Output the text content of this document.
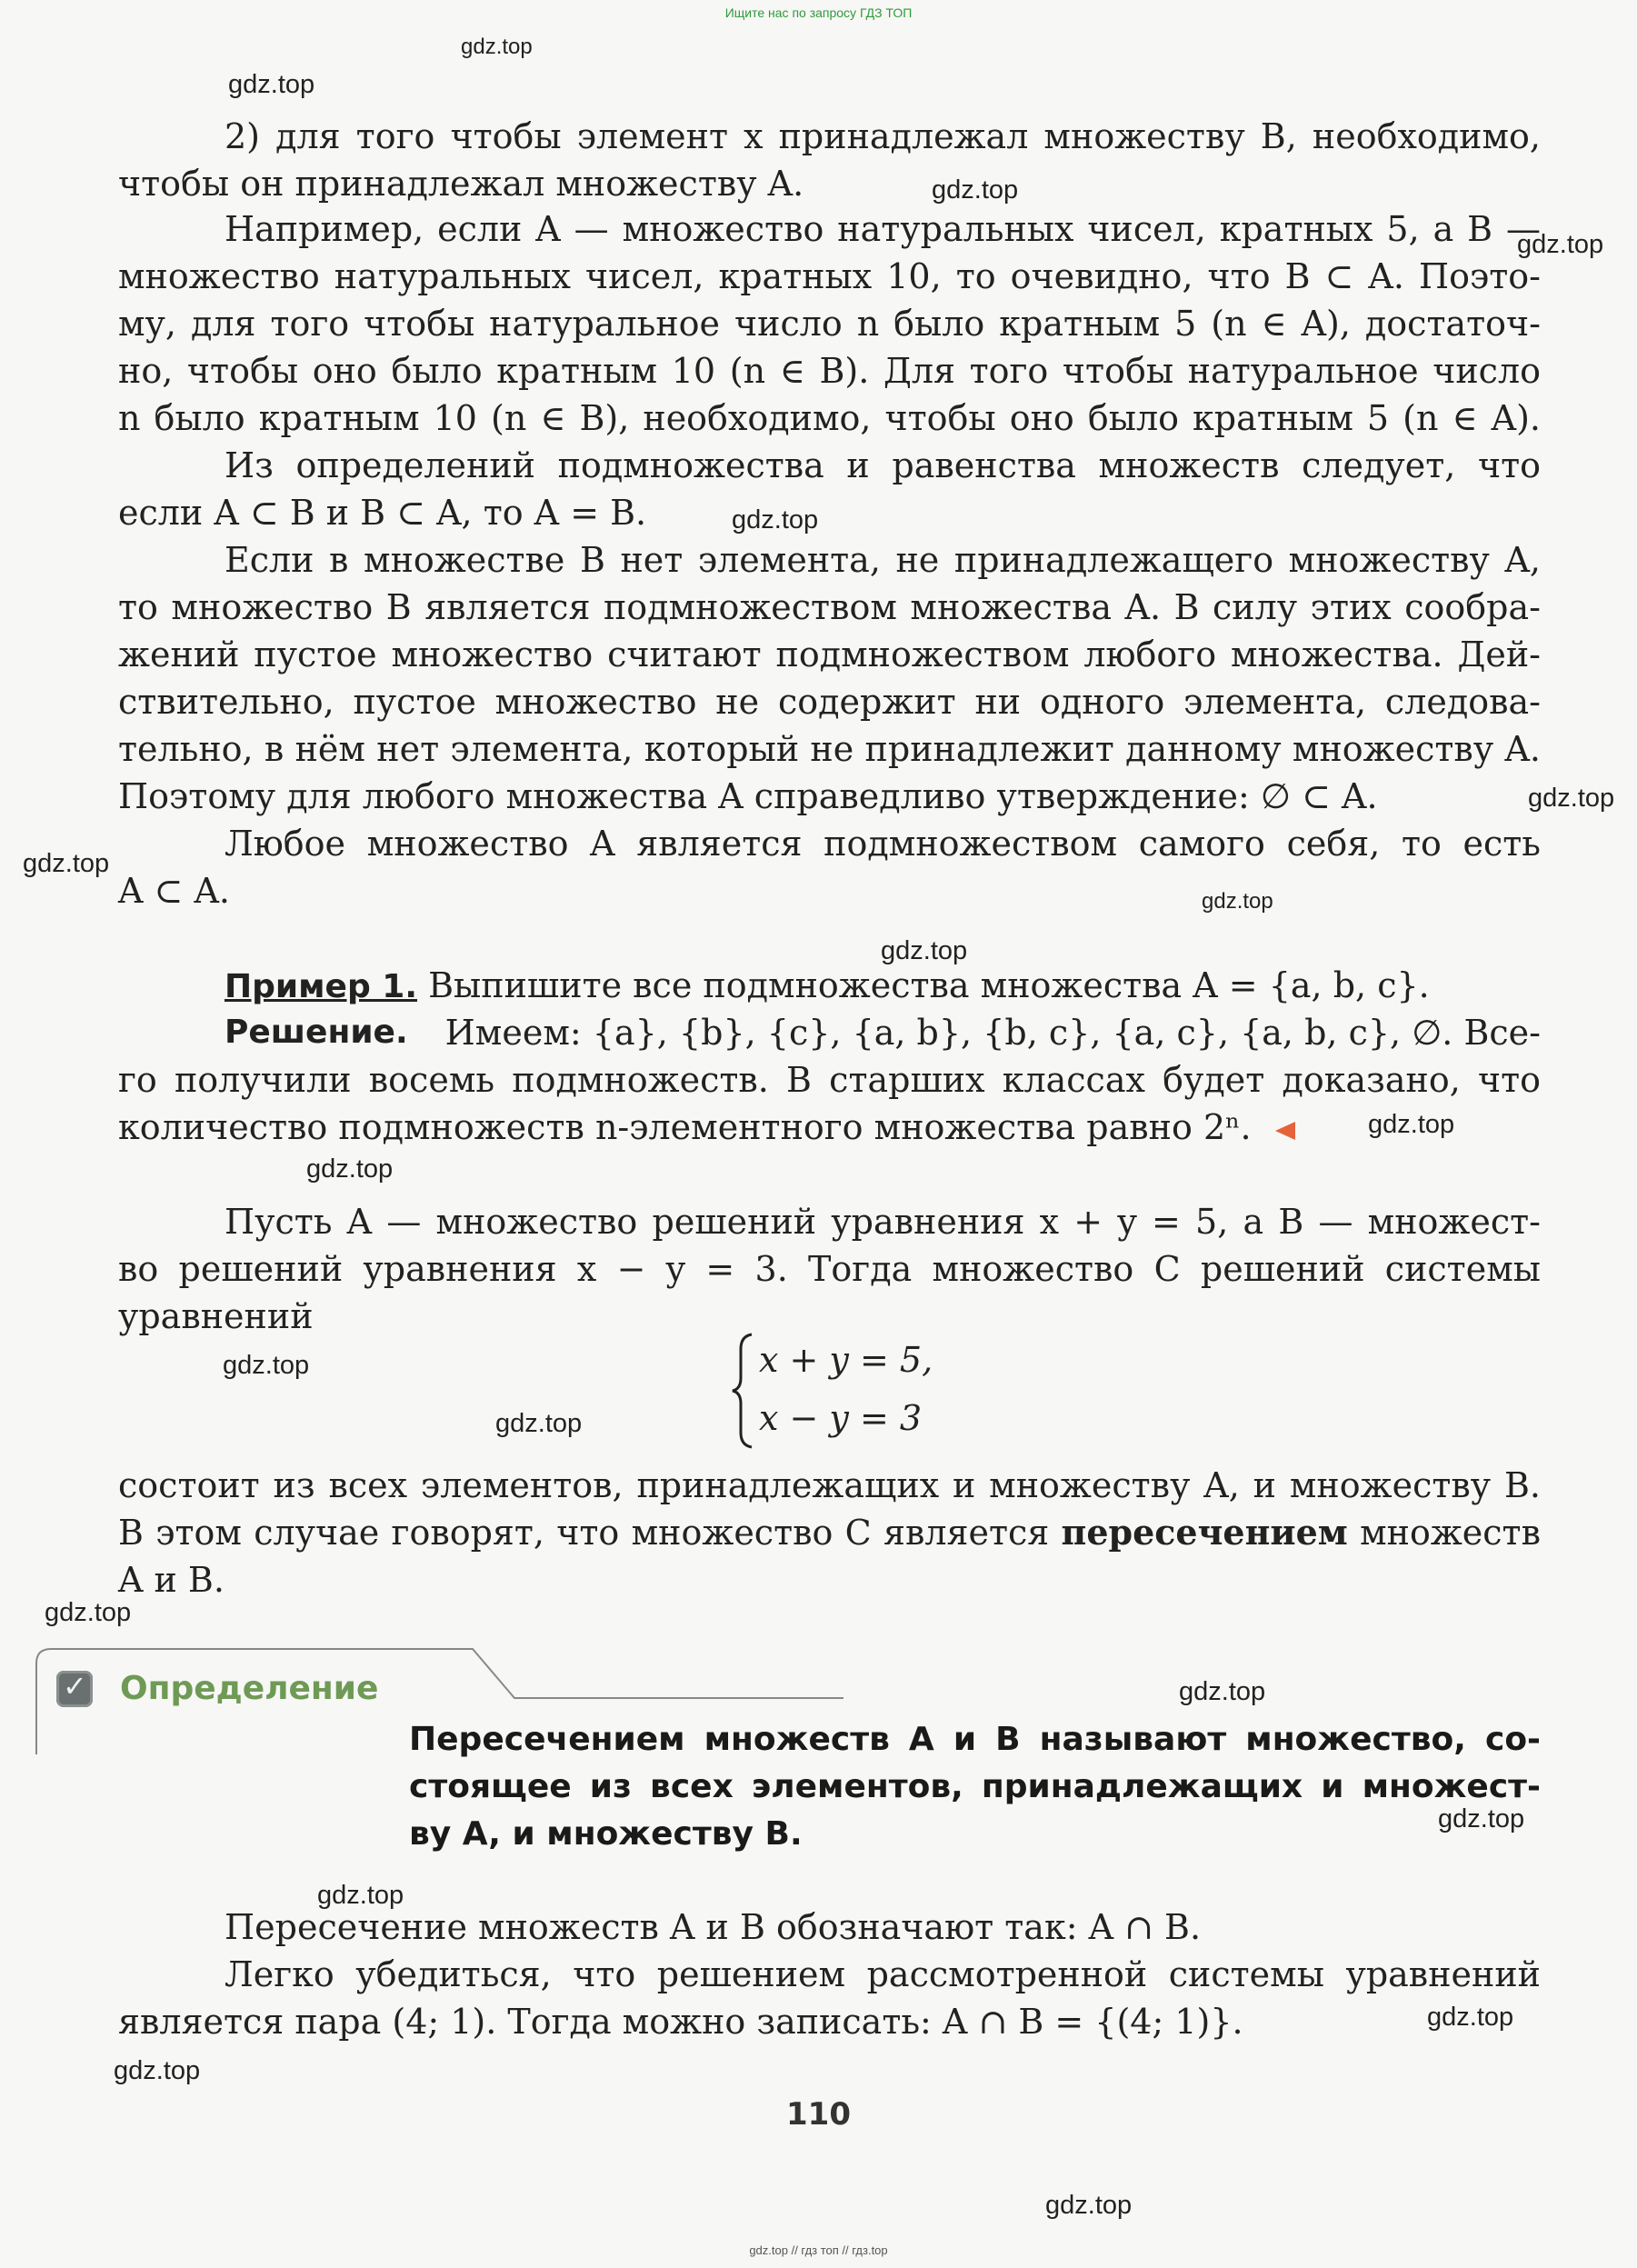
Ищите нас по запросу ГДЗ ТОП
gdz.top
gdz.top
gdz.top
gdz.top
gdz.top
gdz.top
gdz.top
gdz.top
gdz.top
gdz.top
gdz.top
gdz.top
gdz.top
gdz.top
gdz.top
gdz.top
gdz.top
gdz.top
gdz.top
gdz.top
2) для того чтобы элемент x принадлежал множеству B, необходимо,
чтобы он принадлежал множеству A.
Например, если A — множество натуральных чисел, кратных 5, а B —
множество натуральных чисел, кратных 10, то очевидно, что B ⊂ A. Поэто-
му, для того чтобы натуральное число n было кратным 5 (n ∈ A), достаточ-
но, чтобы оно было кратным 10 (n ∈ B). Для того чтобы натуральное число
n было кратным 10 (n ∈ B), необходимо, чтобы оно было кратным 5 (n ∈ A).
Из определений подмножества и равенства множеств следует, что
если A ⊂ B и B ⊂ A, то A = B.
Если в множестве B нет элемента, не принадлежащего множеству A,
то множество B является подмножеством множества A. В силу этих сообра-
жений пустое множество считают подмножеством любого множества. Дей-
ствительно, пустое множество не содержит ни одного элемента, следова-
тельно, в нём нет элемента, который не принадлежит данному множеству A.
Поэтому для любого множества A справедливо утверждение: ∅ ⊂ A.
Любое множество A является подмножеством самого себя, то есть
A ⊂ A.
Пример 1. Выпишите все подмножества множества A = {a, b, c}.
Решение. Имеем: {a}, {b}, {c}, {a, b}, {b, c}, {a, c}, {a, b, c}, ∅. Все-
го получили восемь подмножеств. В старших классах будет доказано, что
количество подмножеств n-элементного множества равно 2ⁿ.
Пусть A — множество решений уравнения x + y = 5, а B — множест-
во решений уравнения x − y = 3. Тогда множество C решений системы
уравнений
x + y = 5,
x − y = 3
состоит из всех элементов, принадлежащих и множеству A, и множеству B.
В этом случае говорят, что множество C является пересечением множеств
A и B.
✓
Определение
Пересечением множеств A и B называют множество, со-
стоящее из всех элементов, принадлежащих и множест-
ву A, и множеству B.
Пересечение множеств A и B обозначают так: A ∩ B.
Легко убедиться, что решением рассмотренной системы уравнений
является пара (4; 1). Тогда можно записать: A ∩ B = {(4; 1)}.
110
gdz.top // гдз топ // гдз.top
